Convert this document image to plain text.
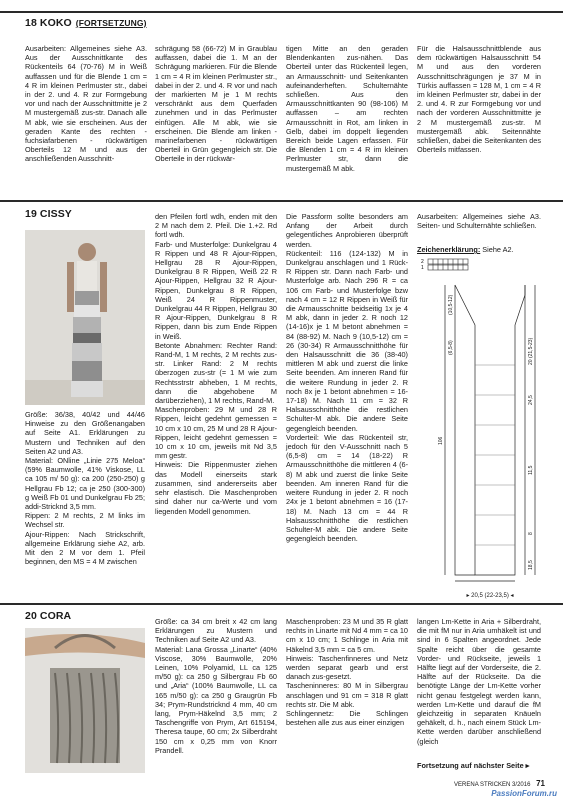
18 KOKO (FORTSETZUNG)
Ausarbeiten: Allgemeines siehe A3. Aus der Ausschnittkante des Rückenteils 64 (70-76) M in Weiß auffassen und für die Blende 1 cm = 4 R im kleinen Perlmuster str., dabei in der 2. und 4. R zur Formgebung vor und nach der Ausschnittmitte je 2 M mustergemäß zus-str. Danach alle M abk, wie sie erscheinen. Aus der geraden Kante des rechten - fuchsiafarbenen - rückwärtigen Oberteils 12 M und aus der anschließenden Ausschnitt-
schrägung 58 (66-72) M in Graublau auffassen, dabei die 1. M an der Schrägung markieren. Für die Blende 1 cm = 4 R im kleinen Perlmuster str., dabei in der 2. und 4. R vor und nach der markierten M je 1 M rechts verschränkt aus dem Querfaden zunehmen und in das Perlmuster einfügen. Alle M abk, wie sie erscheinen. Die Blende am linken - marinefarbenen - rückwärtigen Oberteil in Grün gegengleich str. Die Oberteile in der rückwär-
tigen Mitte an den geraden Blendenkanten zus-nähen. Das Oberteil unter das Rückenteil legen, an Armausschnitt- und Seitenkanten aufeinanderheften. Schulternähte schließen. Aus den Armausschnittkanten 90 (98-106) M auffassen – am rechten Armausschnitt in Rot, am linken in Gelb, dabei im doppelt liegenden Bereich beide Lagen erfassen. Für die Blenden 1 cm = 4 R im kleinen Perlmuster str, dann die mustergemäß M abk.
Für die Halsausschnittblende aus dem rückwärtigen Halsausschnitt 54 M und aus den vorderen Ausschnittschrägungen je 37 M in Türkis auffassen = 128 M, 1 cm = 4 R im kleinen Perlmuster str, dabei in der 2. und 4. R zur Formgebung vor und nach der vorderen Ausschnittmitte je 2 M mustergemäß zus-str. M mustergemäß abk. Seitennähte schließen, dabei die Seitenkanten des Oberteils mitfassen.
19 CISSY
Größe: 36/38, 40/42 und 44/46 Hinweise zu den Größenangaben auf Seite A1. Erklärungen zu Mustern und Techniken auf den Seiten A2 und A3.
Material: ONline „Linie 275 Meloa“ (59% Baumwolle, 41% Viskose, LL ca 105 m/ 50 g): ca 200 (250-250) g Hellgrau Fb 12; ca je 250 (300-300) g Weiß Fb 01 und Dunkelgrau Fb 25; addi-Stricknd 3,5 mm.
Rippen: 2 M rechts, 2 M links im Wechsel str.
Ajour-Rippen: Nach Strickschrift, allgemeine Erklärung siehe A2, arb. Mit den 2 M vor dem 1. Pfeil beginnen, den MS = 4 M zwischen
den Pfeilen fortl wdh, enden mit den 2 M nach dem 2. Pfeil. Die 1.+2. Rd fortl wdh.
Farb- und Musterfolge: Dunkelgrau 4 R Rippen und 48 R Ajour-Rippen, Hellgrau 28 R Ajour-Rippen, Dunkelgrau 8 R Rippen, Weiß 22 R Ajour-Rippen, Hellgrau 32 R Ajour-Rippen, Dunkelgrau 8 R Rippen, Weiß 24 R Rippenmuster, Dunkelgrau 44 R Rippen, Hellgrau 30 R Ajour-Rippen, Dunkelgrau 8 R Rippen, dann bis zum Ende Rippen in Weiß.
Betonte Abnahmen: Rechter Rand: Rand-M, 1 M rechts, 2 M rechts zus-str. Linker Rand: 2 M rechts überzogen zus-str (= 1 M wie zum Rechtsstrstr abheben, 1 M rechts, dann die abgehobene M darüberziehen), 1 M rechts, Rand-M.
Maschenproben: 29 M und 28 R Rippen, leicht gedehnt gemessen = 10 cm x 10 cm, 25 M und 28 R Ajour-Rippen, leicht gedehnt gemessen = 10 cm x 10 cm, jeweils mit Nd 3,5 mm gestr.
Hinweis: Die Rippenmuster ziehen das Modell einerseits stark zusammen, sind andererseits aber sehr elastisch. Die Maschenproben sind daher nur ca-Werte und vom liegenden Modell genommen.
Die Passform sollte besonders am Anfang der Arbeit durch gelegentliches Anprobieren überprüft werden.
Rückenteil: 116 (124-132) M in Dunkelgrau anschlagen und 1 Rück-R Rippen str. Dann nach Farb- und Musterfolge arb. Nach 296 R = ca 106 cm Farb- und Musterfolge bzw nach 4 cm = 12 R Rippen in Weiß für die Armausschnitte beidseitig 1x je 4 M abk, dann in jeder 2. R noch 12 (14-16)x je 1 M betont abnehmen = 84 (88-92) M. Nach 9 (10,5-12) cm = 26 (30-34) R Armausschnitthöhe für den Halsausschnitt die 36 (38-40) mittleren M abk und zuerst die linke Seite beenden. Am inneren Rand für die weitere Rundung in jeder 2. R noch 8x je 1 betont abnehmen = 16-17-18) M. Nach 11 cm = 32 R Halsausschnitthöhe die restlichen Schulter-M abk. Die andere Seite gegengleich beenden.
Vorderteil: Wie das Rückenteil str, jedoch für den V-Ausschnitt nach 5 (6,5-8) cm = 14 (18-22) R Armausschnitthöhe die mittleren 4 (6-8) M abk und zuerst die linke Seite beenden. Am inneren Rand für die weitere Rundung in jeder 2. R noch 24x je 1 betont abnehmen = 16 (17-18) M. Nach 13 cm = 44 R Halsausschnitthöhe die restlichen Schulter-M abk. Die andere Seite gegengleich beenden.
Ausarbeiten: Allgemeines siehe A3. Seiten- und Schulternähte schließen.
Zeichenerklärung: Siehe A2.
2
1
106
20 (21,5-23)
24,5
11,5
8
18,5
(10,5-12)
(6,5-8)
▸ 20,5 (22-23,5) ◂
20 CORA	Größe: ca 34 cm breit x 42 cm lang Erklärungen zu Mustern und Techniken auf Seite A2 und A3.
Material: Lana Grossa „Linarte“ (40% Viscose, 30% Baumwolle, 20% Leinen, 10% Polyamid, LL ca 125 m/50 g): ca 250 g Silbergrau Fb 60 und „Aria“ (100% Baumwolle, LL ca 165 m/50 g): ca 250 g Graugrün Fb 34; Prym-Rundstricknd 4 mm, 40 cm lang, Prym-Häkelnd 3,5 mm; 2 Taschengriffe von Prym, Art 615194, Theresa taupe, 60 cm; 2x Silberdraht 150 cm x 0,25 mm von Knorr Prandell.
Maschenproben: 23 M und 35 R glatt rechts in Linarte mit Nd 4 mm = ca 10 cm x 10 cm; 1 Schlinge in Aria mit Häkelnd 3,5 mm = ca 5 cm.
Hinweis: Taschenfinneres und Netz werden separat gearb und erst danach zus-gesetzt.
Tascheninneres: 80 M in Silbergrau anschlagen und 91 cm = 318 R glatt rechts str. Die M abk.
Schlingennetz: Die Schlingen bestehen alle zus aus einer einzigen
langen Lm-Kette in Aria + Silberdraht, die mit fM nur in Aria umhäkelt ist und sind in 6 Spalten angeordnet. Jede Spalte reicht über die gesamte Vorder- und Rückseite, jeweils 1 Hälfte liegt auf der Vorderseite, die 2. Hälfte auf der Rückseite. Da die benötigte Länge der Lm-Kette vorher nicht genau festgelegt werden kann, werden Lm-Kette und darauf die fM gleichzeitig in separaten Knäueln gehäkelt, d. h., nach einem Stück Lm-Kette werden darüber anschließend (gleich
Fortsetzung auf nächster Seite ▸
VERENA STRICKEN 3/2016 71
PassionForum.ru
